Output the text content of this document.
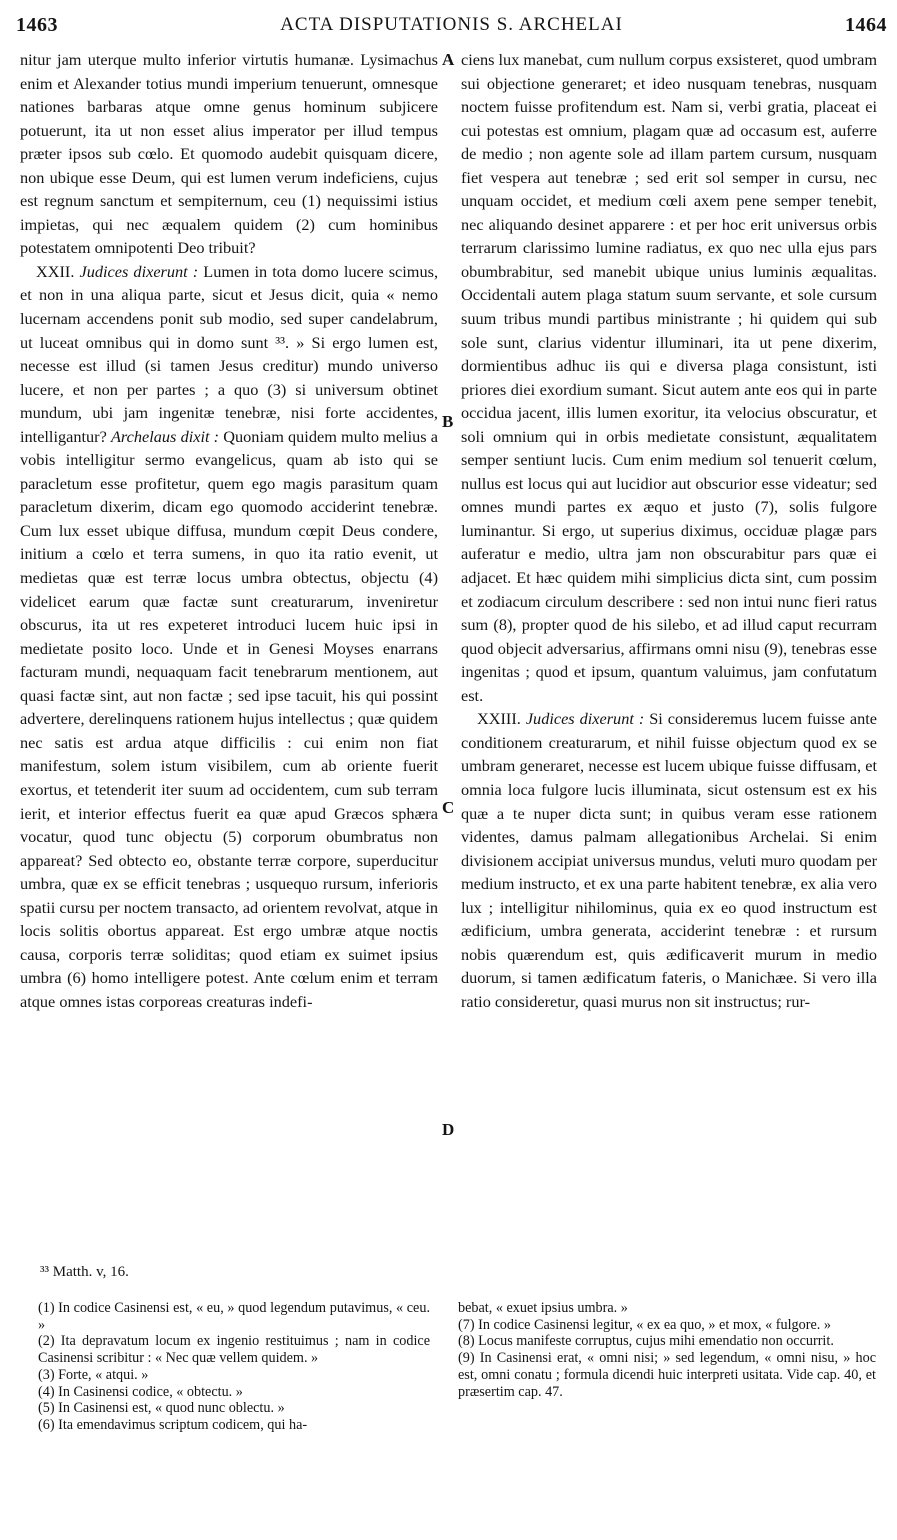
1463	ACTA DISPUTATIONIS S. ARCHELAI	1464

nitur jam uterque multo inferior virtutis humanæ. Lysimachus enim et Alexander totius mundi imperium tenuerunt, omnesque nationes barbaras atque omne genus hominum subjicere potuerunt, ita ut non esset alius imperator per illud tempus præter ipsos sub cœlo. Et quomodo audebit quisquam dicere, non ubique esse Deum, qui est lumen verum indeficiens, cujus est regnum sanctum et sempiternum, ceu (1) nequissimi istius impietas, qui nec æqualem quidem (2) cum hominibus potestatem omnipotenti Deo tribuit?

XXII. Judices dixerunt : Lumen in tota domo lucere scimus, et non in una aliqua parte, sicut et Jesus dicit, quia « nemo lucernam accendens ponit sub modio, sed super candelabrum, ut luceat omnibus qui in domo sunt ³³. » Si ergo lumen est, necesse est illud (si tamen Jesus creditur) mundo universo lucere, et non per partes ; a quo (3) si universum obtinet mundum, ubi jam ingenitæ tenebræ, nisi forte accidentes, intelligantur? Archelaus dixit : Quoniam quidem multo melius a vobis intelligitur sermo evangelicus, quam ab isto qui se paracletum esse profitetur, quem ego magis parasitum quam paracletum dixerim, dicam ego quomodo acciderint tenebræ. Cum lux esset ubique diffusa, mundum cœpit Deus condere, initium a cœlo et terra sumens, in quo ita ratio evenit, ut medietas quæ est terræ locus umbra obtectus, objectu (4) videlicet earum quæ factæ sunt creaturarum, inveniretur obscurus, ita ut res expeteret introduci lucem huic ipsi in medietate posito loco. Unde et in Genesi Moyses enarrans facturam mundi, nequaquam facit tenebrarum mentionem, aut quasi factæ sint, aut non factæ ; sed ipse tacuit, his qui possint advertere, derelinquens rationem hujus intellectus ; quæ quidem nec satis est ardua atque difficilis : cui enim non fiat manifestum, solem istum visibilem, cum ab oriente fuerit exortus, et tetenderit iter suum ad occidentem, cum sub terram ierit, et interior effectus fuerit ea quæ apud Græcos sphæra vocatur, quod tunc objectu (5) corporum obumbratus non appareat? Sed obtecto eo, obstante terræ corpore, superducitur umbra, quæ ex se efficit tenebras ; usquequo rursum, inferioris spatii cursu per noctem transacto, ad orientem revolvat, atque in locis solitis obortus appareat. Est ergo umbræ atque noctis causa, corporis terræ soliditas; quod etiam ex suimet ipsius umbra (6) homo intelligere potest. Ante cœlum enim et terram atque omnes istas corporeas creaturas indefi-

A
B
C
D

ciens lux manebat, cum nullum corpus exsisteret, quod umbram sui objectione generaret; et ideo nusquam tenebras, nusquam noctem fuisse profitendum est. Nam si, verbi gratia, placeat ei cui potestas est omnium, plagam quæ ad occasum est, auferre de medio ; non agente sole ad illam partem cursum, nusquam fiet vespera aut tenebræ ; sed erit sol semper in cursu, nec unquam occidet, et medium cœli axem pene semper tenebit, nec aliquando desinet apparere : et per hoc erit universus orbis terrarum clarissimo lumine radiatus, ex quo nec ulla ejus pars obumbrabitur, sed manebit ubique unius luminis æqualitas. Occidentali autem plaga statum suum servante, et sole cursum suum tribus mundi partibus ministrante ; hi quidem qui sub sole sunt, clarius videntur illuminari, ita ut pene dixerim, dormientibus adhuc iis qui e diversa plaga consistunt, isti priores diei exordium sumant. Sicut autem ante eos qui in parte occidua jacent, illis lumen exoritur, ita velocius obscuratur, et soli omnium qui in orbis medietate consistunt, æqualitatem semper sentiunt lucis. Cum enim medium sol tenuerit cœlum, nullus est locus qui aut lucidior aut obscurior esse videatur; sed omnes mundi partes ex æquo et justo (7), solis fulgore luminantur. Si ergo, ut superius diximus, occiduæ plagæ pars auferatur e medio, ultra jam non obscurabitur pars quæ ei adjacet. Et hæc quidem mihi simplicius dicta sint, cum possim et zodiacum circulum describere : sed non intui nunc fieri ratus sum (8), propter quod de his silebo, et ad illud caput recurram quod objecit adversarius, affirmans omni nisu (9), tenebras esse ingenitas ; quod et ipsum, quantum valuimus, jam confutatum est.

XXIII. Judices dixerunt : Si consideremus lucem fuisse ante conditionem creaturarum, et nihil fuisse objectum quod ex se umbram generaret, necesse est lucem ubique fuisse diffusam, et omnia loca fulgore lucis illuminata, sicut ostensum est ex his quæ a te nuper dicta sunt; in quibus veram esse rationem videntes, damus palmam allegationibus Archelai. Si enim divisionem accipiat universus mundus, veluti muro quodam per medium instructo, et ex una parte habitent tenebræ, ex alia vero lux ; intelligitur nihilominus, quia ex eo quod instructum est ædificium, umbra generata, acciderint tenebræ : et rursum nobis quærendum est, quis ædificaverit murum in medio duorum, si tamen ædificatum fateris, o Manichæe. Si vero illa ratio consideretur, quasi murus non sit instructus; rur-

³³ Matth. v, 16.

(1) In codice Casinensi est, « eu, » quod legendum putavimus, « ceu. »

(2) Ita depravatum locum ex ingenio restituimus ; nam in codice Casinensi scribitur : « Nec quæ vellem quidem. »

(3) Forte, « atqui. »

(4) In Casinensi codice, « obtectu. »

(5) In Casinensi est, « quod nunc oblectu. »

(6) Ita emendavimus scriptum codicem, qui ha-

bebat, « exuet ipsius umbra. »

(7) In codice Casinensi legitur, « ex ea quo, » et mox, « fulgore. »

(8) Locus manifeste corruptus, cujus mihi emendatio non occurrit.

(9) In Casinensi erat, « omni nisi; » sed legendum, « omni nisu, » hoc est, omni conatu ; formula dicendi huic interpreti usitata. Vide cap. 40, et præsertim cap. 47.
